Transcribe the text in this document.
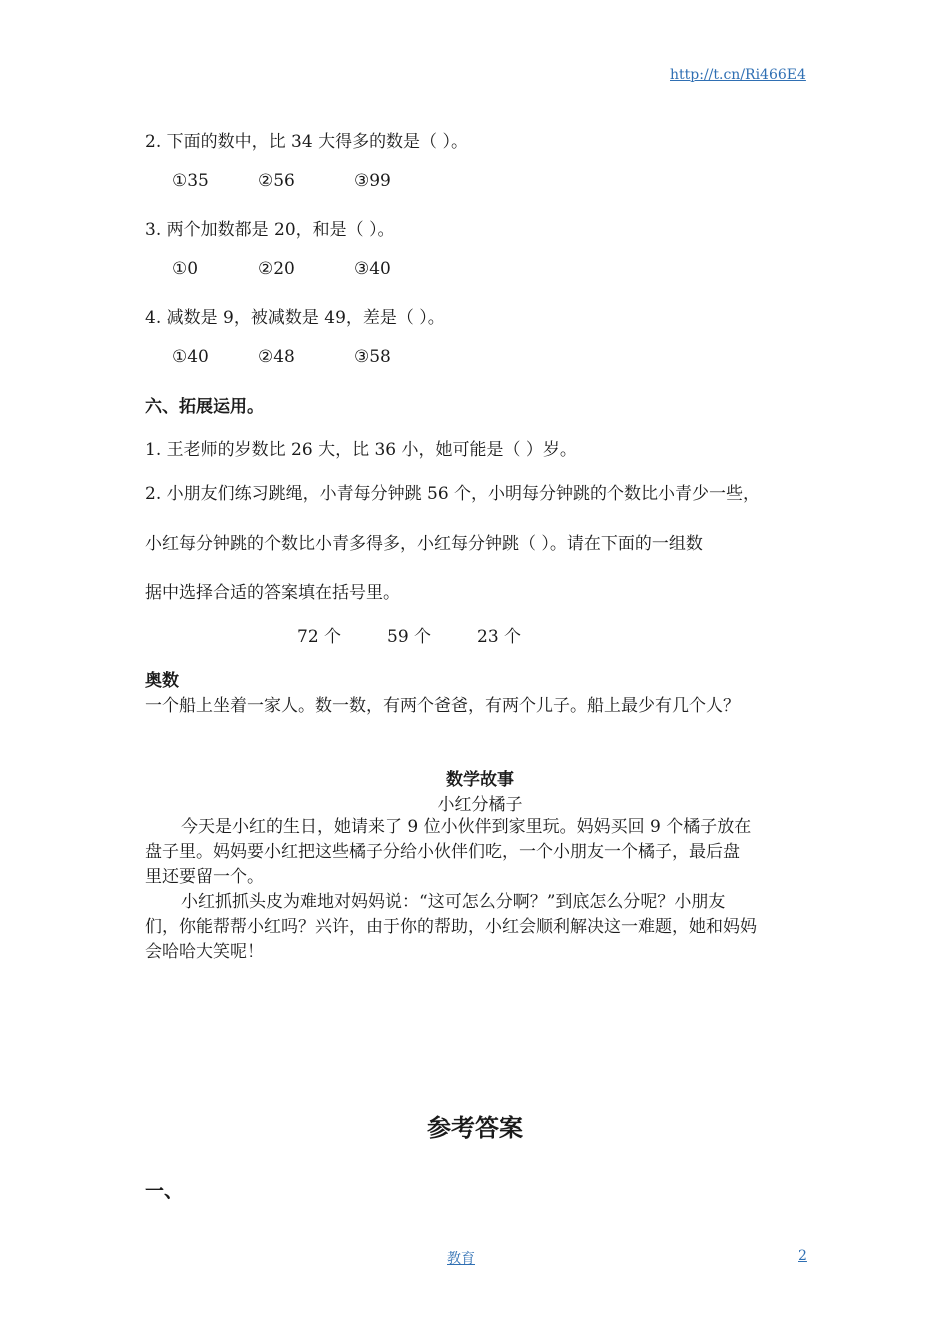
http://t.cn/Ri466E4
2. 下面的数中，比 34 大得多的数是（ ）。
①35	②56	③99
3. 两个加数都是 20，和是（ ）。
①0	②20	③40
4. 减数是 9，被减数是 49，差是（ ）。
①40	②48	③58
六、拓展运用。
1. 王老师的岁数比 26 大，比 36 小，她可能是（ ）岁。
2. 小朋友们练习跳绳，小青每分钟跳 56 个，小明每分钟跳的个数比小青少一些，
小红每分钟跳的个数比小青多得多，小红每分钟跳（ ）。请在下面的一组数
据中选择合适的答案填在括号里。
72 个	59 个	23 个
奥数
一个船上坐着一家人。数一数，有两个爸爸，有两个儿子。船上最少有几个人？
数学故事
小红分橘子
今天是小红的生日，她请来了 9 位小伙伴到家里玩。妈妈买回 9 个橘子放在
盘子里。妈妈要小红把这些橘子分给小伙伴们吃，一个小朋友一个橘子，最后盘
里还要留一个。
小红抓抓头皮为难地对妈妈说：“这可怎么分啊？”到底怎么分呢？小朋友
们，你能帮帮小红吗？兴许，由于你的帮助，小红会顺利解决这一难题，她和妈妈
会哈哈大笑呢！
参考答案
一、
教育	2
